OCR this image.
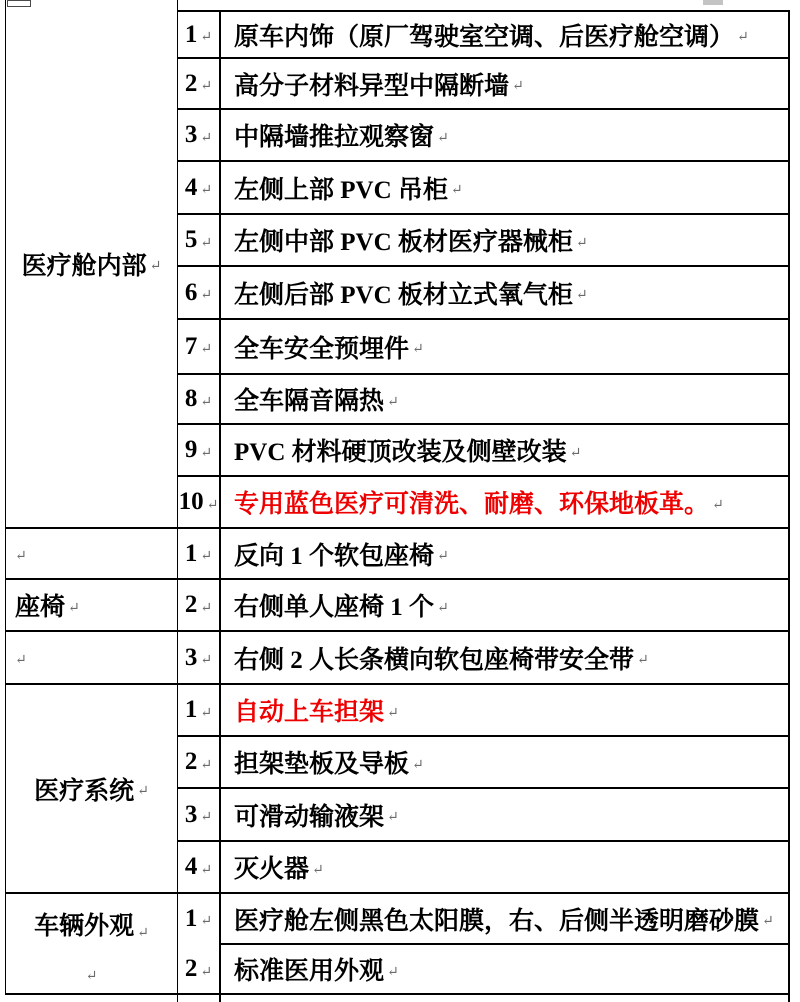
医疗舱内部 ↵
↵
座椅 ↵
↵
医疗系统 ↵
车辆外观 ↵
↵
1 ↵ 原车内饰（原厂驾驶室空调、后医疗舱空调） ↵
2 ↵ 高分子材料异型中隔断墙 ↵
3 ↵ 中隔墙推拉观察窗 ↵
4 ↵ 左侧上部 PVC 吊柜 ↵
5 ↵ 左侧中部 PVC 板材医疗器械柜 ↵
6 ↵ 左侧后部 PVC 板材立式氧气柜 ↵
7 ↵ 全车安全预埋件 ↵
8 ↵ 全车隔音隔热 ↵
9 ↵ PVC 材料硬顶改装及侧壁改装 ↵
10 ↵ 专用蓝色医疗可清洗、耐磨、环保地板革。 ↵
1 ↵ 反向 1 个软包座椅 ↵
2 ↵ 右侧单人座椅 1 个 ↵
3 ↵ 右侧 2 人长条横向软包座椅带安全带 ↵
1 ↵ 自动上车担架 ↵
2 ↵ 担架垫板及导板 ↵
3 ↵ 可滑动输液架 ↵
4 ↵ 灭火器 ↵
1 ↵ 医疗舱左侧黑色太阳膜，右、后侧半透明磨砂膜 ↵
2 ↵ 标准医用外观 ↵
